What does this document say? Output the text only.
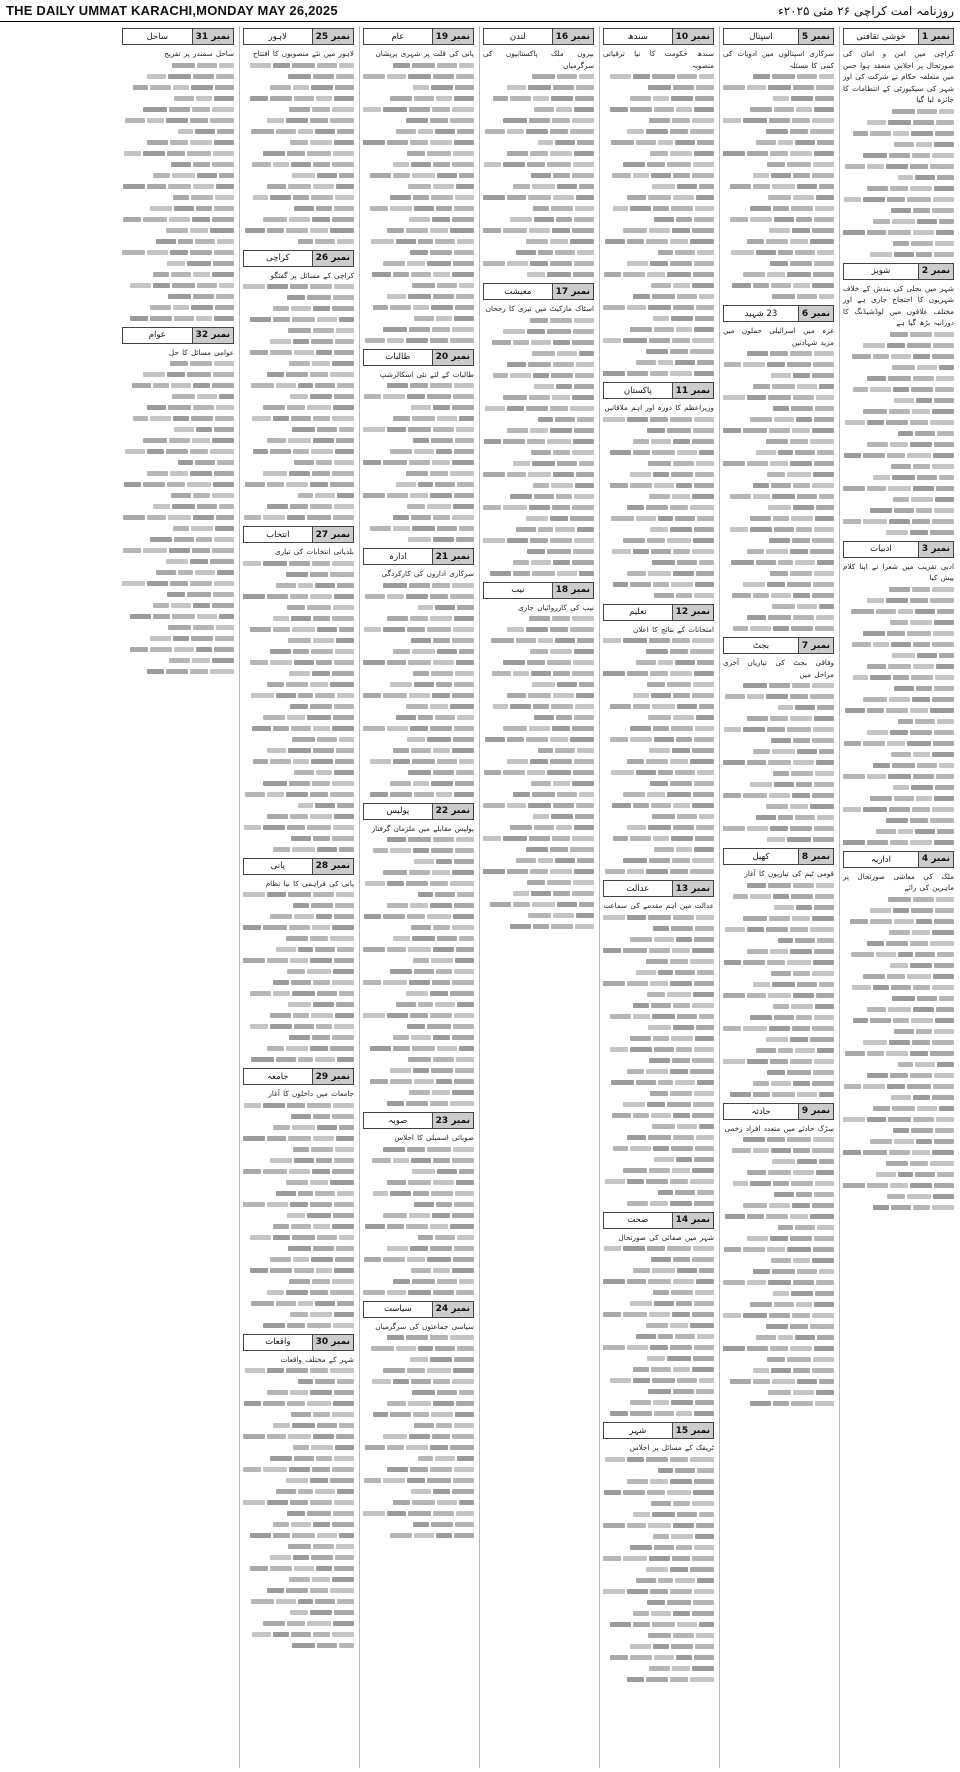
THE DAILY UMMAT KARACHI,MONDAY MAY 26,2025	روزنامہ امت کراچی ۲۶ مئی ۲۰۲۵ء
نمبر 1
خوشی ثقافتی
کراچی میں امن و امان کی صورتحال پر اجلاس منعقد ہوا جس میں متعلقہ حکام نے شرکت کی اور شہر کی سیکیورٹی کے انتظامات کا جائزہ لیا گیا
نمبر 2
شوبز
شہر میں بجلی کی بندش کے خلاف شہریوں کا احتجاج جاری ہے اور مختلف علاقوں میں لوڈشیڈنگ کا دورانیہ بڑھ گیا ہے
نمبر 3
ادبیات
ادبی تقریب میں شعرا نے اپنا کلام پیش کیا
نمبر 4
اداریہ
ملک کی معاشی صورتحال پر ماہرین کی رائے
نمبر 5
اسپتال
سرکاری اسپتالوں میں ادویات کی کمی کا مسئلہ
نمبر 6
23 شہید
غزہ میں اسرائیلی حملوں میں مزید شہادتیں
نمبر 7
بجٹ
وفاقی بجٹ کی تیاریاں آخری مراحل میں
نمبر 8
کھیل
قومی ٹیم کی تیاریوں کا آغاز
نمبر 9
حادثہ
سڑک حادثے میں متعدد افراد زخمی
نمبر 10
سندھ
سندھ حکومت کا نیا ترقیاتی منصوبہ
نمبر 11
پاکستان
وزیراعظم کا دورہ اور اہم ملاقاتیں
نمبر 12
تعلیم
امتحانات کے نتائج کا اعلان
نمبر 13
عدالت
عدالت میں اہم مقدمے کی سماعت
نمبر 14
صحت
شہر میں صفائی کی صورتحال
نمبر 15
شہر
ٹریفک کے مسائل پر اجلاس
نمبر 16
لندن
بیرون ملک پاکستانیوں کی سرگرمیاں
نمبر 17
معیشت
اسٹاک مارکیٹ میں تیزی کا رجحان
نمبر 18
نیب
نیب کی کارروائیاں جاری
نمبر 19
عام
پانی کی قلت پر شہری پریشان
نمبر 20
طالبات
طالبات کے لئے نئی اسکالرشپ
نمبر 21
ادارہ
سرکاری اداروں کی کارکردگی
نمبر 22
پولیس
پولیس مقابلے میں ملزمان گرفتار
نمبر 23
صوبہ
صوبائی اسمبلی کا اجلاس
نمبر 24
سیاست
سیاسی جماعتوں کی سرگرمیاں
نمبر 25
لاہور
لاہور میں نئے منصوبوں کا افتتاح
نمبر 26
کراچی
کراچی کے مسائل پر گفتگو
نمبر 27
انتخاب
بلدیاتی انتخابات کی تیاری
نمبر 28
پانی
پانی کی فراہمی کا نیا نظام
نمبر 29
جامعہ
جامعات میں داخلوں کا آغاز
نمبر 30
واقعات
شہر کے مختلف واقعات
نمبر 31
ساحل
ساحل سمندر پر تفریح
نمبر 32
عوام
عوامی مسائل کا حل
